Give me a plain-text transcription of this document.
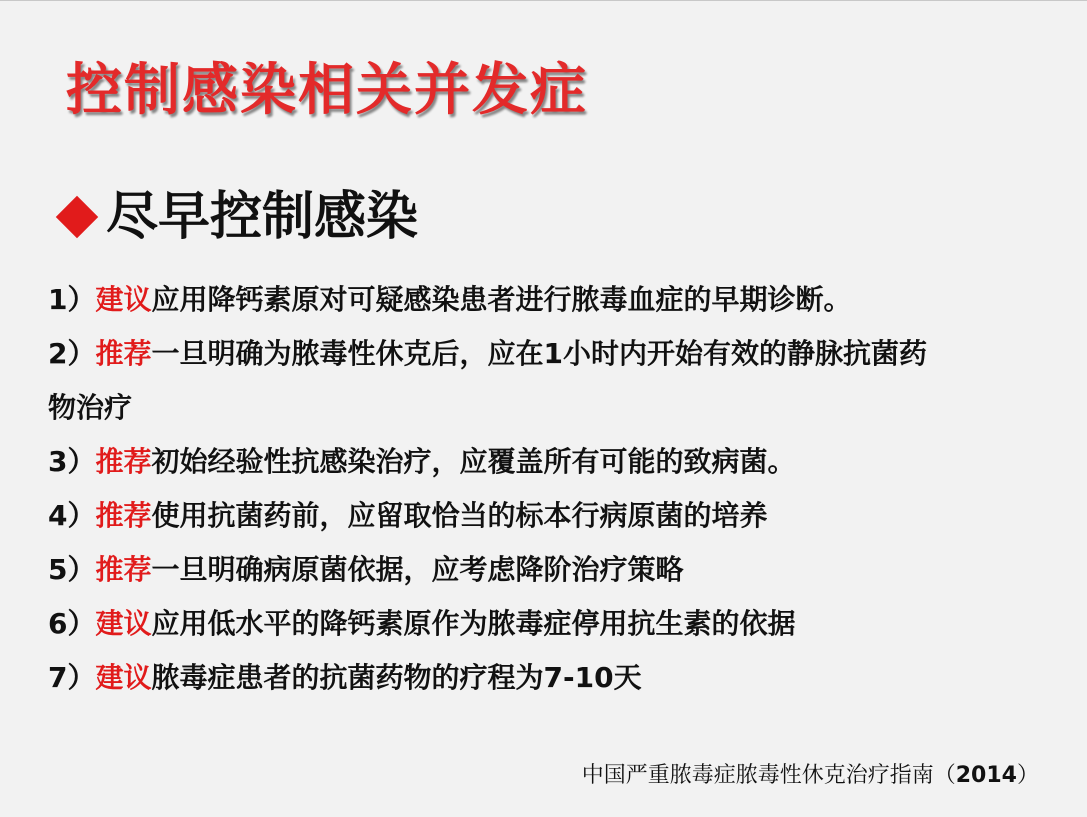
控制感染相关并发症
尽早控制感染
1）建议应用降钙素原对可疑感染患者进行脓毒血症的早期诊断。
2）推荐一旦明确为脓毒性休克后，应在1小时内开始有效的静脉抗菌药
物治疗
3）推荐初始经验性抗感染治疗，应覆盖所有可能的致病菌。
4）推荐使用抗菌药前，应留取恰当的标本行病原菌的培养
5）推荐一旦明确病原菌依据，应考虑降阶治疗策略
6）建议应用低水平的降钙素原作为脓毒症停用抗生素的依据
7）建议脓毒症患者的抗菌药物的疗程为7-10天
中国严重脓毒症脓毒性休克治疗指南（2014）
